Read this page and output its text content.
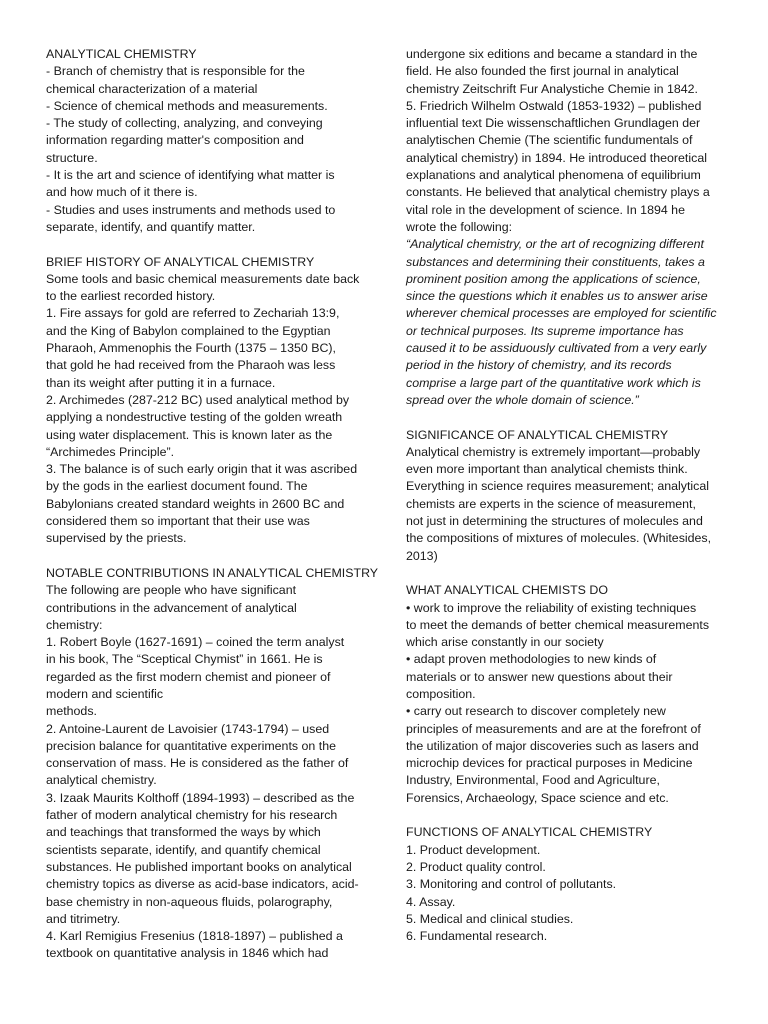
ANALYTICAL CHEMISTRY
- Branch of chemistry that is responsible for the
chemical characterization of a material
- Science of chemical methods and measurements.
- The study of collecting, analyzing, and conveying
information regarding matter's composition and
structure.
- It is the art and science of identifying what matter is
and how much of it there is.
- Studies and uses instruments and methods used to
separate, identify, and quantify matter.
BRIEF HISTORY OF ANALYTICAL CHEMISTRY
Some tools and basic chemical measurements date back
to the earliest recorded history.
1. Fire assays for gold are referred to Zechariah 13:9,
and the King of Babylon complained to the Egyptian
Pharaoh, Ammenophis the Fourth (1375 – 1350 BC),
that gold he had received from the Pharaoh was less
than its weight after putting it in a furnace.
2. Archimedes (287-212 BC) used analytical method by
applying a nondestructive testing of the golden wreath
using water displacement. This is known later as the
“Archimedes Principle”.
3. The balance is of such early origin that it was ascribed
by the gods in the earliest document found. The
Babylonians created standard weights in 2600 BC and
considered them so important that their use was
supervised by the priests.
NOTABLE CONTRIBUTIONS IN ANALYTICAL CHEMISTRY
The following are people who have significant
contributions in the advancement of analytical
chemistry:
1. Robert Boyle (1627-1691) – coined the term analyst
in his book, The “Sceptical Chymist” in 1661. He is
regarded as the first modern chemist and pioneer of
modern and scientific
methods.
2. Antoine-Laurent de Lavoisier (1743-1794) – used
precision balance for quantitative experiments on the
conservation of mass. He is considered as the father of
analytical chemistry.
3. Izaak Maurits Kolthoff (1894-1993) – described as the
father of modern analytical chemistry for his research
and teachings that transformed the ways by which
scientists separate, identify, and quantify chemical
substances. He published important books on analytical
chemistry topics as diverse as acid-base indicators, acid-
base chemistry in non-aqueous fluids, polarography,
and titrimetry.
4. Karl Remigius Fresenius (1818-1897) – published a
textbook on quantitative analysis in 1846 which had
undergone six editions and became a standard in the
field. He also founded the first journal in analytical
chemistry Zeitschrift Fur Analystiche Chemie in 1842.
5. Friedrich Wilhelm Ostwald (1853-1932) – published
influential text Die wissenschaftlichen Grundlagen der
analytischen Chemie (The scientific fundumentals of
analytical chemistry) in 1894. He introduced theoretical
explanations and analytical phenomena of equilibrium
constants. He believed that analytical chemistry plays a
vital role in the development of science. In 1894 he
wrote the following:
“Analytical chemistry, or the art of recognizing different
substances and determining their constituents, takes a
prominent position among the applications of science,
since the questions which it enables us to answer arise
wherever chemical processes are employed for scientific
or technical purposes. Its supreme importance has
caused it to be assiduously cultivated from a very early
period in the history of chemistry, and its records
comprise a large part of the quantitative work which is
spread over the whole domain of science.”
SIGNIFICANCE OF ANALYTICAL CHEMISTRY
Analytical chemistry is extremely important—probably
even more important than analytical chemists think.
Everything in science requires measurement; analytical
chemists are experts in the science of measurement,
not just in determining the structures of molecules and
the compositions of mixtures of molecules. (Whitesides,
2013)
WHAT ANALYTICAL CHEMISTS DO
• work to improve the reliability of existing techniques
to meet the demands of better chemical measurements
which arise constantly in our society
• adapt proven methodologies to new kinds of
materials or to answer new questions about their
composition.
• carry out research to discover completely new
principles of measurements and are at the forefront of
the utilization of major discoveries such as lasers and
microchip devices for practical purposes in Medicine
Industry, Environmental, Food and Agriculture,
Forensics, Archaeology, Space science and etc.
FUNCTIONS OF ANALYTICAL CHEMISTRY
1. Product development.
2. Product quality control.
3. Monitoring and control of pollutants.
4. Assay.
5. Medical and clinical studies.
6. Fundamental research.
